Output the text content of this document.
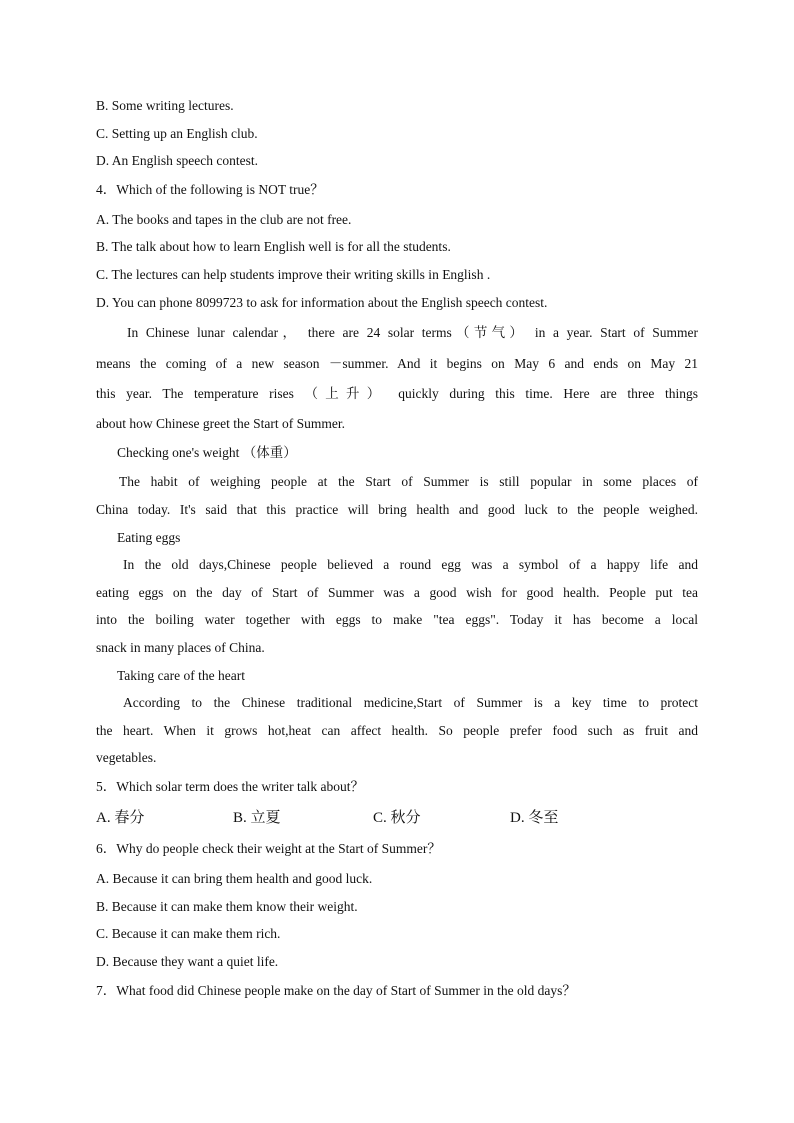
B. Some writing lectures.
C. Setting up an English club.
D. An English speech contest.
4．Which of the following is NOT true？
A. The books and tapes in the club are not free.
B. The talk about how to learn English well is for all the students.
C. The lectures can help students improve their writing skills in English .
D. You can phone 8099723 to ask for information about the English speech contest.
In Chinese lunar calendar， there are 24 solar terms（节气） in a year. Start of Summer
means the coming of a new season －summer. And it begins on May 6 and ends on May 21
this year. The temperature rises （上升） quickly during this time. Here are three things
about how Chinese greet the Start of Summer.
Checking one's weight （体重）
The habit of weighing people at the Start of Summer is still popular in some places of
China today. It's said that this practice will bring health and good luck to the people weighed.
Eating eggs
In the old days,Chinese people believed a round egg was a symbol of a happy life and
eating eggs on the day of Start of Summer was a good wish for good health. People put tea
into the boiling water together with eggs to make "tea eggs". Today it has become a local
snack in many places of China.
Taking care of the heart
According to the Chinese traditional medicine,Start of Summer is a key time to protect
the heart. When it grows hot,heat can affect health. So people prefer food such as fruit and
vegetables.
5．Which solar term does the writer talk about？
A. 春分	B. 立夏	C. 秋分	D. 冬至
6．Why do people check their weight at the Start of Summer？
A. Because it can bring them health and good luck.
B. Because it can make them know their weight.
C. Because it can make them rich.
D. Because they want a quiet life.
7．What food did Chinese people make on the day of Start of Summer in the old days？
